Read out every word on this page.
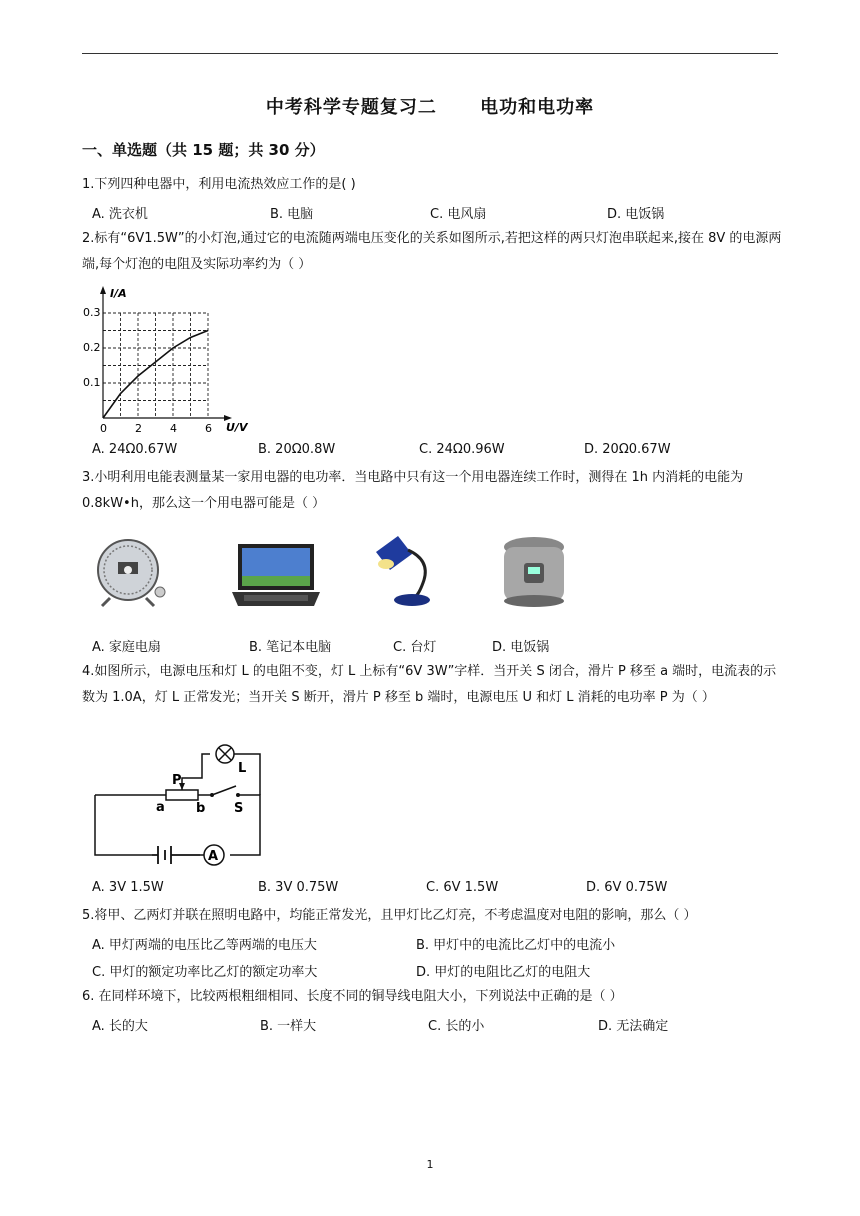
中考科学专题复习二 电功和电功率
一、单选题（共 15 题；共 30 分）
1.下列四种电器中，利用电流热效应工作的是( )
A. 洗衣机	B. 电脑	C. 电风扇	D. 电饭锅
2.标有“6V1.5W”的小灯泡,通过它的电流随两端电压变化的关系如图所示,若把这样的两只灯泡串联起来,接在 8V 的电源两端,每个灯泡的电阻及实际功率约为（ ）
I/A
U/V
0.3
0.2
0.1
0	2	4	6
A. 24Ω0.67W	B. 20Ω0.8W	C. 24Ω0.96W	D. 20Ω0.67W
3.小明利用电能表测量某一家用电器的电功率．当电路中只有这一个用电器连续工作时，测得在 1h 内消耗的电能为 0.8kW•h，那么这一个用电器可能是（ ）
A. 家庭电扇	B. 笔记本电脑	C. 台灯	D. 电饭锅
4.如图所示，电源电压和灯 L 的电阻不变，灯 L 上标有“6V 3W”字样．当开关 S 闭合，滑片 P 移至 a 端时，电流表的示数为 1.0A，灯 L 正常发光；当开关 S 断开，滑片 P 移至 b 端时，电源电压 U 和灯 L 消耗的电功率 P 为（ ）
A
P
L
a b S
A. 3V 1.5W	B. 3V 0.75W	C. 6V 1.5W	D. 6V 0.75W
5.将甲、乙两灯并联在照明电路中，均能正常发光，且甲灯比乙灯亮，不考虑温度对电阻的影响，那么（ ）
A. 甲灯两端的电压比乙等两端的电压大	B. 甲灯中的电流比乙灯中的电流小
C. 甲灯的额定功率比乙灯的额定功率大	D. 甲灯的电阻比乙灯的电阻大
6. 在同样环境下，比较两根粗细相同、长度不同的铜导线电阻大小，下列说法中正确的是（ ）
A. 长的大	B. 一样大	C. 长的小	D. 无法确定
1
